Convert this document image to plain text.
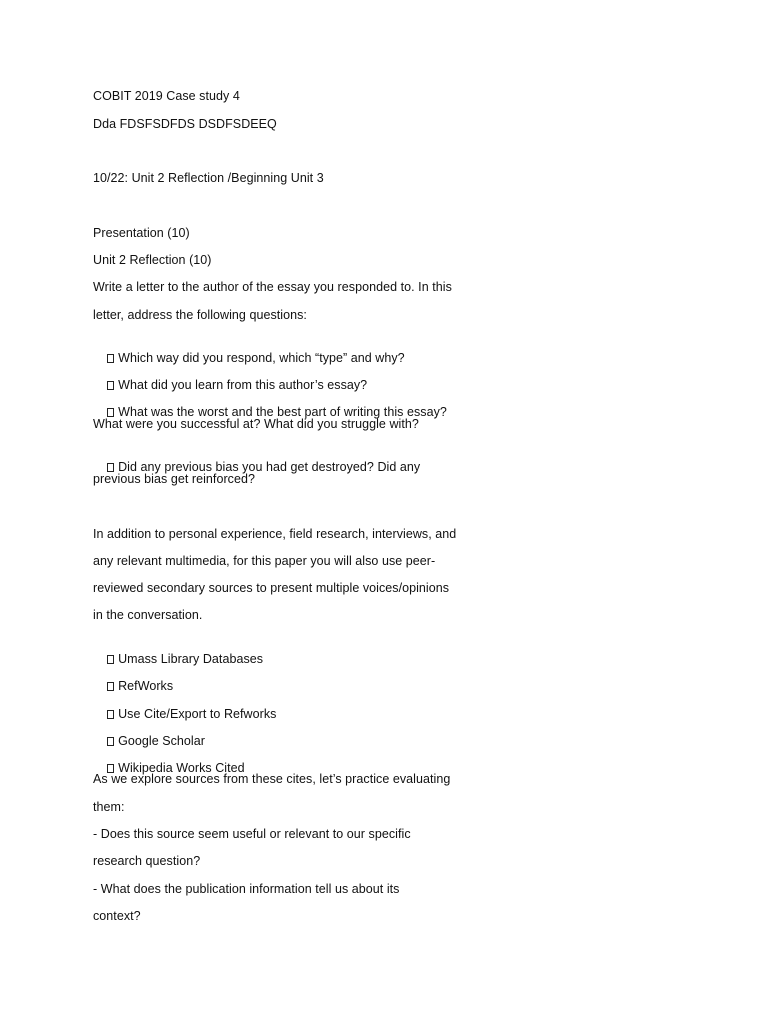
COBIT 2019 Case study 4
Dda FDSFSDFDS DSDFSDEEQ
10/22: Unit 2 Reflection /Beginning Unit 3
Presentation (10)
Unit 2 Reflection (10)
Write a letter to the author of the essay you responded to. In this
letter, address the following questions:

Which way did you respond, which “type” and why?

What did you learn from this author’s essay?

What was the worst and the best part of writing this essay?

What were you successful at? What did you struggle with?

Did any previous bias you had get destroyed? Did any

previous bias get reinforced?
In addition to personal experience, field research, interviews, and
any relevant multimedia, for this paper you will also use peer-
reviewed secondary sources to present multiple voices/opinions
in the conversation.

Umass Library Databases

RefWorks

Use Cite/Export to Refworks

Google Scholar

Wikipedia Works Cited

As we explore sources from these cites, let’s practice evaluating
them:
- Does this source seem useful or relevant to our specific
research question?
- What does the publication information tell us about its
context?
